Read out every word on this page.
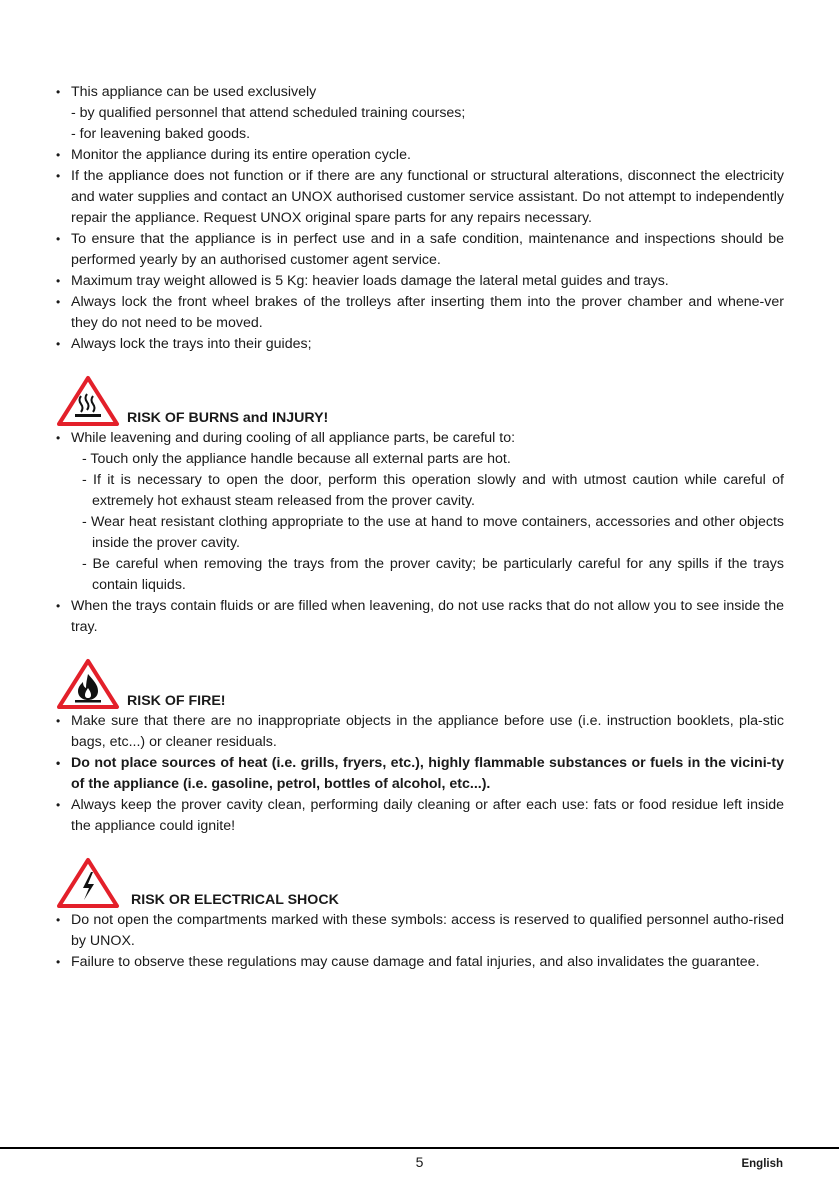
• This appliance can be used exclusively
- by qualified personnel that attend scheduled training courses;
- for leavening baked goods.
• Monitor the appliance during its entire operation cycle.
• If the appliance does not function or if there are any functional or structural alterations, disconnect the electricity and water supplies and contact an UNOX authorised customer service assistant. Do not attempt to independently repair the appliance. Request UNOX original spare parts for any repairs necessary.
• To ensure that the appliance is in perfect use and in a safe condition, maintenance and inspections should be performed yearly by an authorised customer agent service.
• Maximum tray weight allowed is 5 Kg: heavier loads damage the lateral metal guides and trays.
• Always lock the front wheel brakes of the trolleys after inserting them into the prover chamber and whene-ver they do not need to be moved.
• Always lock the trays into their guides;
RISK OF BURNS and INJURY!
• While leavening and during cooling of all appliance parts, be careful to:
- Touch only the appliance handle because all external parts are hot.
- If it is necessary to open the door, perform this operation slowly and with utmost caution while careful of extremely hot exhaust steam released from the prover cavity.
- Wear heat resistant clothing appropriate to the use at hand to move containers, accessories and other objects inside the prover cavity.
- Be careful when removing the trays from the prover cavity; be particularly careful for any spills if the trays contain liquids.
• When the trays contain fluids or are filled when leavening, do not use racks that do not allow you to see inside the tray.
RISK OF FIRE!
• Make sure that there are no inappropriate objects in the appliance before use (i.e. instruction booklets, pla-stic bags, etc...) or cleaner residuals.
• Do not place sources of heat (i.e. grills, fryers, etc.), highly flammable substances or fuels in the vicini-ty of the appliance (i.e. gasoline, petrol, bottles of alcohol, etc...).
• Always keep the prover cavity clean, performing daily cleaning or after each use: fats or food residue left inside the appliance could ignite!
RISK OR ELECTRICAL SHOCK
• Do not open the compartments marked with these symbols: access is reserved to qualified personnel autho-rised by UNOX.
• Failure to observe these regulations may cause damage and fatal injuries, and also invalidates the guarantee.
5	English
